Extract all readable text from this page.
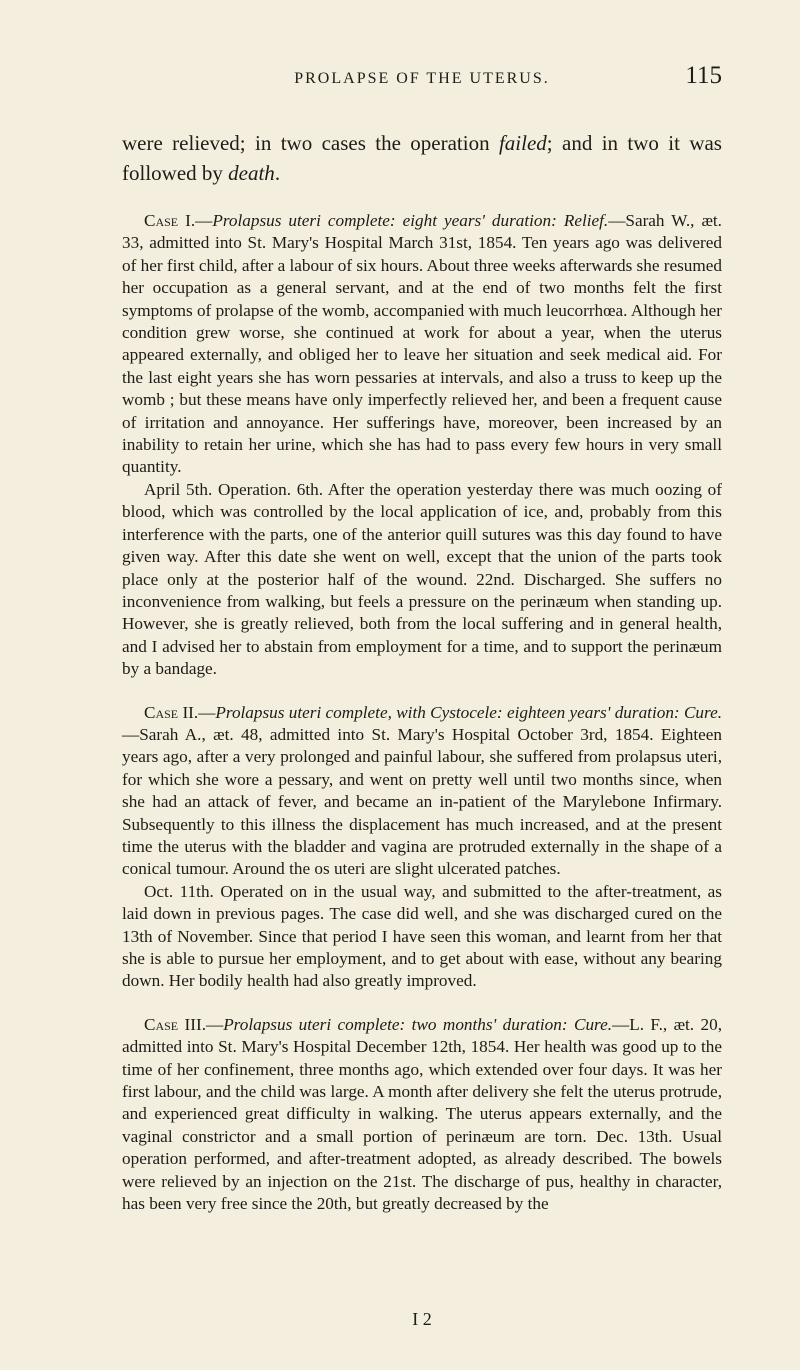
PROLAPSE OF THE UTERUS.	115

were relieved; in two cases the operation failed; and in two it was followed by death.

Case I.—Prolapsus uteri complete: eight years' duration: Relief.—Sarah W., æt. 33, admitted into St. Mary's Hospital March 31st, 1854. Ten years ago was delivered of her first child, after a labour of six hours. About three weeks afterwards she resumed her occupation as a general servant, and at the end of two months felt the first symptoms of prolapse of the womb, accompanied with much leucorrhœa. Although her condition grew worse, she continued at work for about a year, when the uterus appeared externally, and obliged her to leave her situation and seek medical aid. For the last eight years she has worn pessaries at intervals, and also a truss to keep up the womb ; but these means have only imperfectly relieved her, and been a frequent cause of irritation and annoyance. Her sufferings have, moreover, been increased by an inability to retain her urine, which she has had to pass every few hours in very small quantity.

April 5th. Operation. 6th. After the operation yesterday there was much oozing of blood, which was controlled by the local application of ice, and, probably from this interference with the parts, one of the anterior quill sutures was this day found to have given way. After this date she went on well, except that the union of the parts took place only at the posterior half of the wound. 22nd. Discharged. She suffers no inconvenience from walking, but feels a pressure on the perinæum when standing up. However, she is greatly relieved, both from the local suffering and in general health, and I advised her to abstain from employment for a time, and to support the perinæum by a bandage.

Case II.—Prolapsus uteri complete, with Cystocele: eighteen years' duration: Cure.—Sarah A., æt. 48, admitted into St. Mary's Hospital October 3rd, 1854. Eighteen years ago, after a very prolonged and painful labour, she suffered from prolapsus uteri, for which she wore a pessary, and went on pretty well until two months since, when she had an attack of fever, and became an in-patient of the Marylebone Infirmary. Subsequently to this illness the displacement has much increased, and at the present time the uterus with the bladder and vagina are protruded externally in the shape of a conical tumour. Around the os uteri are slight ulcerated patches.

Oct. 11th. Operated on in the usual way, and submitted to the after-treatment, as laid down in previous pages. The case did well, and she was discharged cured on the 13th of November. Since that period I have seen this woman, and learnt from her that she is able to pursue her employment, and to get about with ease, without any bearing down. Her bodily health had also greatly improved.

Case III.—Prolapsus uteri complete: two months' duration: Cure.—L. F., æt. 20, admitted into St. Mary's Hospital December 12th, 1854. Her health was good up to the time of her confinement, three months ago, which extended over four days. It was her first labour, and the child was large. A month after delivery she felt the uterus protrude, and experienced great difficulty in walking. The uterus appears externally, and the vaginal constrictor and a small portion of perinæum are torn. Dec. 13th. Usual operation performed, and after-treatment adopted, as already described. The bowels were relieved by an injection on the 21st. The discharge of pus, healthy in character, has been very free since the 20th, but greatly decreased by the

I 2
